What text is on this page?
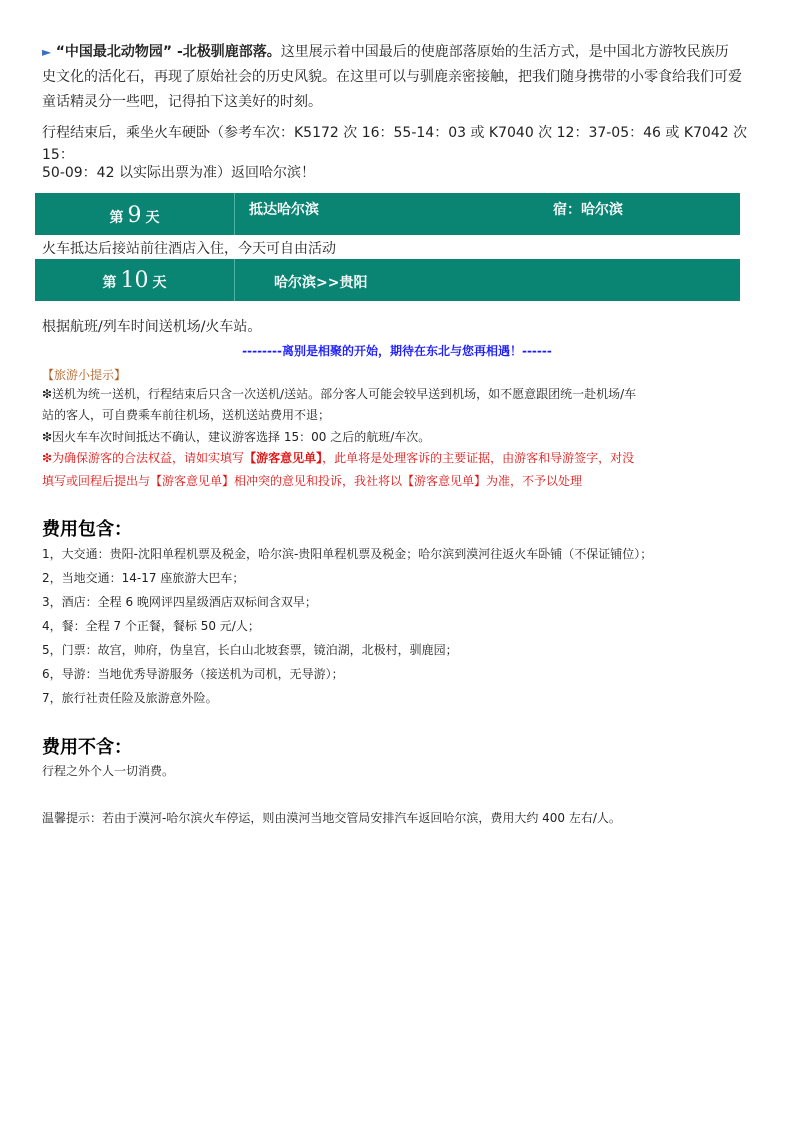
► “中国最北动物园” -北极驯鹿部落。这里展示着中国最后的使鹿部落原始的生活方式，是中国北方游牧民族历史文化的活化石，再现了原始社会的历史风貌。在这里可以与驯鹿亲密接触，把我们随身携带的小零食给我们可爱童话精灵分一些吧，记得拍下这美好的时刻。
行程结束后，乘坐火车硬卧（参考车次：K5172 次 16：55-14：03 或 K7040 次 12：37-05：46 或 K7042 次 15：
50-09：42 以实际出票为准）返回哈尔滨！
第 9 天	抵达哈尔滨	宿：哈尔滨
火车抵达后接站前往酒店入住，今天可自由活动
第 10 天	哈尔滨>>贵阳
根据航班/列车时间送机场/火车站。
--------离别是相聚的开始，期待在东北与您再相遇！------
【旅游小提示】
❇送机为统一送机，行程结束后只含一次送机/送站。部分客人可能会较早送到机场，如不愿意跟团统一赴机场/车
站的客人，可自费乘车前往机场，送机送站费用不退；
❇因火车车次时间抵达不确认，建议游客选择 15：00 之后的航班/车次。
❇为确保游客的合法权益，请如实填写【游客意见单】，此单将是处理客诉的主要证据，由游客和导游签字，对没
填写或回程后提出与【游客意见单】相冲突的意见和投诉，我社将以【游客意见单】为准，不予以处理
费用包含：
1，大交通：贵阳-沈阳单程机票及税金，哈尔滨-贵阳单程机票及税金；哈尔滨到漠河往返火车卧铺（不保证铺位）；
2，当地交通：14-17 座旅游大巴车；
3，酒店：全程 6 晚网评四星级酒店双标间含双早；
4，餐：全程 7 个正餐，餐标 50 元/人；
5，门票：故宫，帅府，伪皇宫，长白山北坡套票，镜泊湖，北极村，驯鹿园；
6，导游：当地优秀导游服务（接送机为司机，无导游）；
7，旅行社责任险及旅游意外险。
费用不含：
行程之外个人一切消费。
温馨提示：若由于漠河-哈尔滨火车停运，则由漠河当地交管局安排汽车返回哈尔滨，费用大约 400 左右/人。
